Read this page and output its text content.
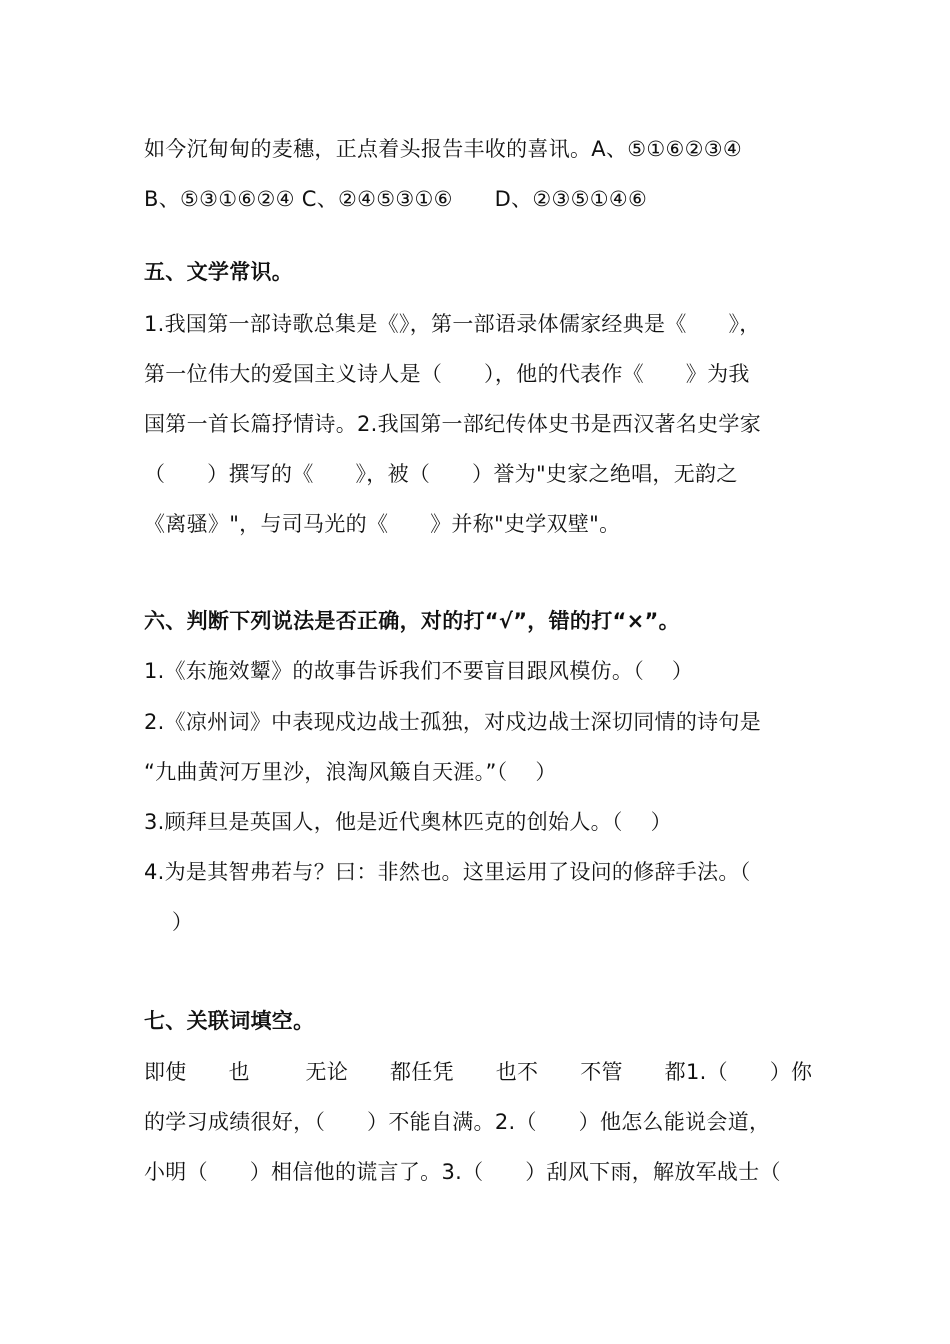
如今沉甸甸的麦穗，正点着头报告丰收的喜讯。A、⑤①⑥②③④
B、⑤③①⑥②④ C、②④⑤③①⑥      D、②③⑤①④⑥
五、文学常识。
1.我国第一部诗歌总集是《》，第一部语录体儒家经典是《      》，
第一位伟大的爱国主义诗人是（      ），他的代表作《      》为我
国第一首长篇抒情诗。2.我国第一部纪传体史书是西汉著名史学家
（      ）撰写的《      》，被（      ）誉为"史家之绝唱，无韵之
《离骚》"，与司马光的《      》并称"史学双壁"。
六、判断下列说法是否正确，对的打“√”，错的打“×”。
1.《东施效颦》的故事告诉我们不要盲目跟风模仿。（    ）
2.《凉州词》中表现戍边战士孤独，对戍边战士深切同情的诗句是
“九曲黄河万里沙，浪淘风簸自天涯。”（    ）
3.顾拜旦是英国人，他是近代奥林匹克的创始人。（    ）
4.为是其智弗若与？曰：非然也。这里运用了设问的修辞手法。（
）
七、关联词填空。
即使      也        无论      都任凭      也不      不管      都1.（      ）你
的学习成绩很好，（      ）不能自满。2.（      ）他怎么能说会道，
小明（      ）相信他的谎言了。3.（      ）刮风下雨，解放军战士（
